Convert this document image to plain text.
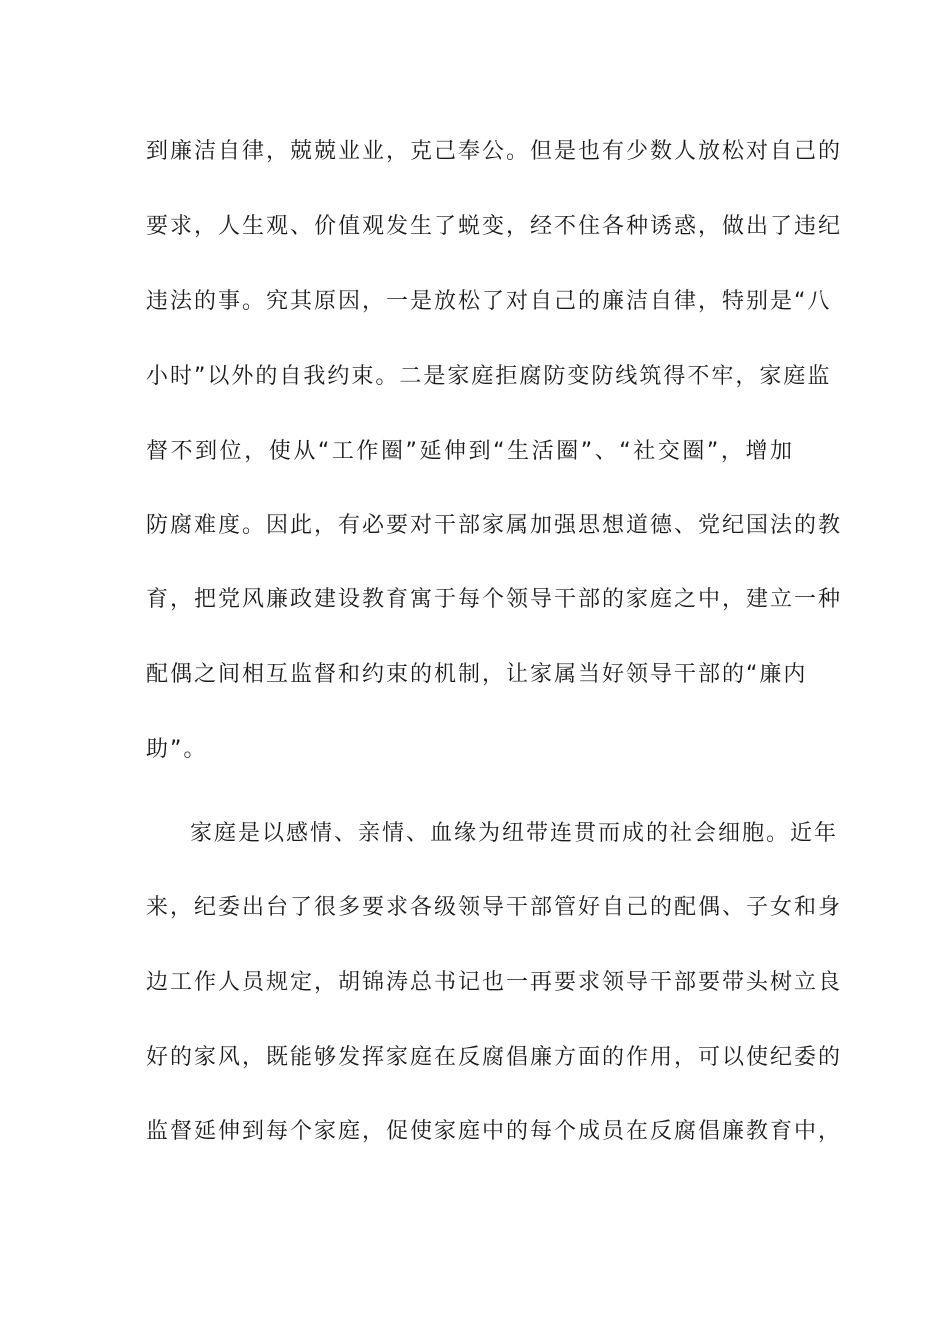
到廉洁自律，兢兢业业，克己奉公。但是也有少数人放松对自己的
要求，人生观、价值观发生了蜕变，经不住各种诱惑，做出了违纪
违法的事。究其原因，一是放松了对自己的廉洁自律，特别是“八
小时”以外的自我约束。二是家庭拒腐防变防线筑得不牢，家庭监
督不到位，使从“工作圈”延伸到“生活圈”、“社交圈”，增加
防腐难度。因此，有必要对干部家属加强思想道德、党纪国法的教
育，把党风廉政建设教育寓于每个领导干部的家庭之中，建立一种
配偶之间相互监督和约束的机制，让家属当好领导干部的“廉内
助”。
家庭是以感情、亲情、血缘为纽带连贯而成的社会细胞。近年
来，纪委出台了很多要求各级领导干部管好自己的配偶、子女和身
边工作人员规定，胡锦涛总书记也一再要求领导干部要带头树立良
好的家风，既能够发挥家庭在反腐倡廉方面的作用，可以使纪委的
监督延伸到每个家庭，促使家庭中的每个成员在反腐倡廉教育中，
